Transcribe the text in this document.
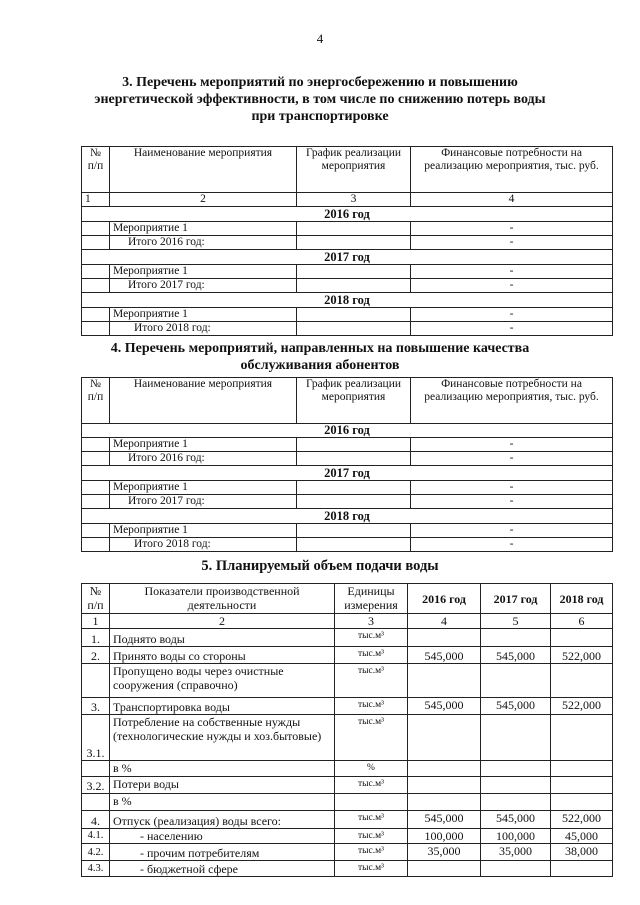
4
3. Перечень мероприятий по энергосбережению и повышению
энергетической эффективности, в том числе по снижению потерь воды
при транспортировке
№ п/п	Наименование мероприятия	График реализации мероприятия	Финансовые потребности на реализацию мероприятия, тыс. руб.
1	2	3	4
2016 год			
	Мероприятие 1		-
	Итого 2016 год:		-
2017 год			
	Мероприятие 1		-
	Итого 2017 год:		-
2018 год			
	Мероприятие 1		-
	Итого 2018 год:		-
4. Перечень мероприятий, направленных на повышение качества
обслуживания абонентов
№ п/п	Наименование мероприятия	График реализации мероприятия	Финансовые потребности на реализацию мероприятия, тыс. руб.
2016 год			
	Мероприятие 1		-
	Итого 2016 год:		-
2017 год			
	Мероприятие 1		-
	Итого 2017 год:		-
2018 год			
	Мероприятие 1		-
	Итого 2018 год:		-
5. Планируемый объем подачи воды
№ п/п	Показатели производственной деятельности	Единицы измерения	2016 год	2017 год	2018 год
1	2	3	4	5	6
1.	Поднято воды	тыс.м³			
2.	Принято воды со стороны	тыс.м³	545,000	545,000	522,000
	Пропущено воды через очистные сооружения (справочно)	тыс.м³			
3.	Транспортировка воды	тыс.м³	545,000	545,000	522,000
3.1.	Потребление на собственные нужды (технологические нужды и хоз.бытовые)	тыс.м³			
	в %	%			
3.2.	Потери воды	тыс.м³			
	в %				
4.	Отпуск (реализация) воды всего:	тыс.м³	545,000	545,000	522,000
4.1.	- населению	тыс.м³	100,000	100,000	45,000
4.2.	- прочим потребителям	тыс.м³	35,000	35,000	38,000
4.3.	- бюджетной сфере	тыс.м³			
